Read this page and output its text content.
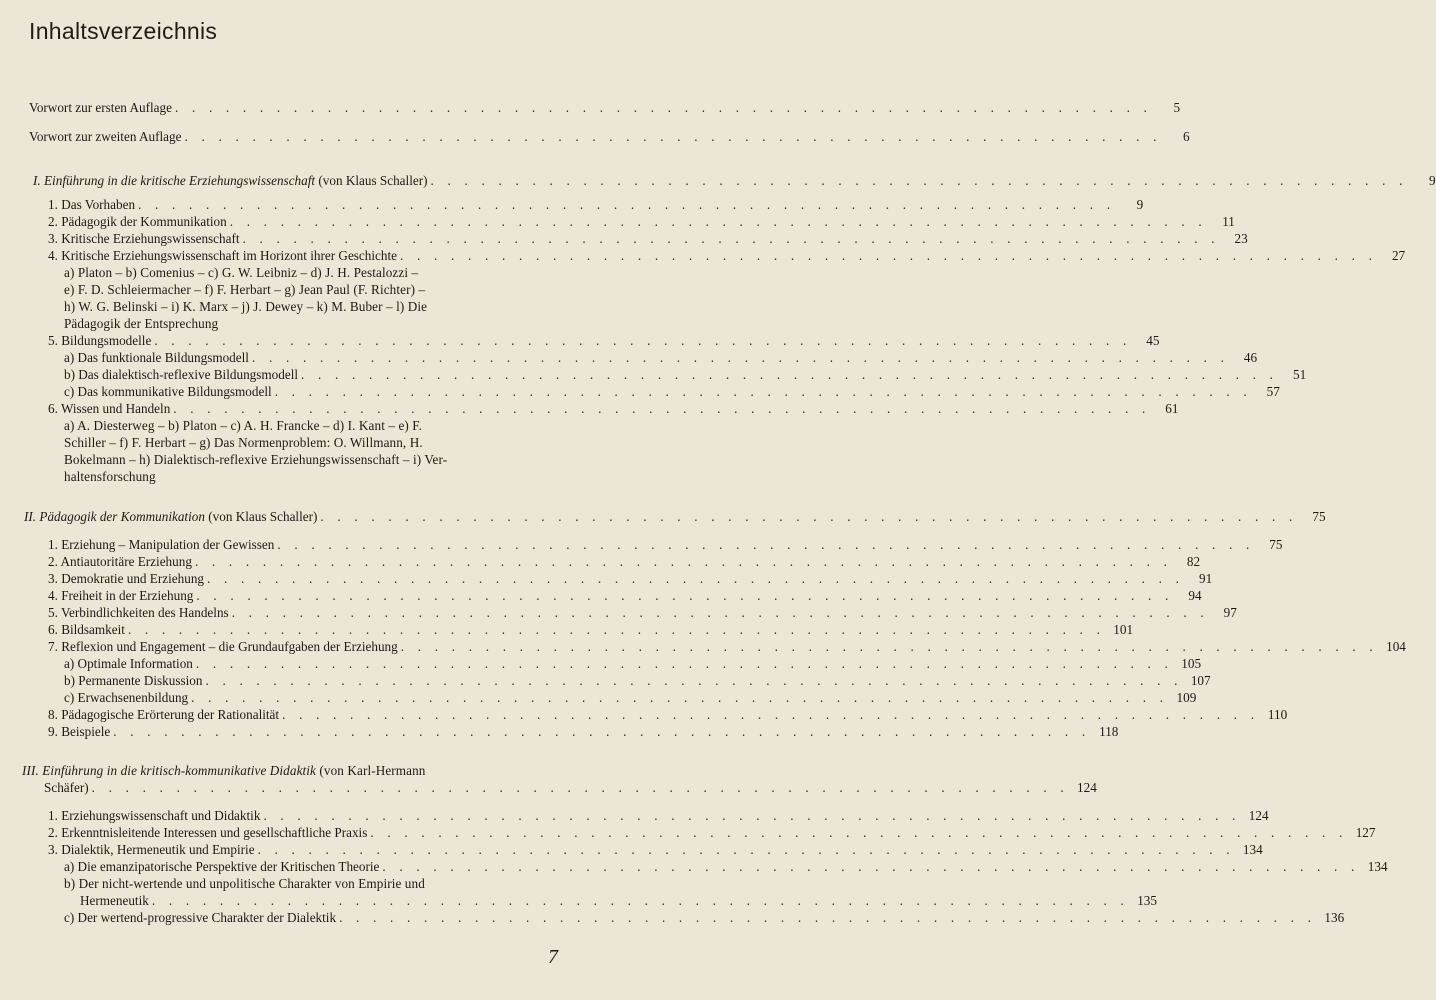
Inhaltsverzeichnis
Vorwort zur ersten Auflage . . . . . . . . . . . . . . . . . . . . . . . . . . . . . . . . . . . . . . . . . . . . . . . . . . . . . . . . . .	5
Vorwort zur zweiten Auflage . . . . . . . . . . . . . . . . . . . . . . . . . . . . . . . . . . . . . . . . . . . . . . . . . . . . . . . . . .	6
I. Einführung in die kritische Erziehungswissenschaft (von Klaus Schaller) . . . . . . . . . . . . . . . . . . . . . . . . . . . . . . . . . . . . . . . . . . . . . . . . . . . . . . . . . .	9
1. Das Vorhaben . . . . . . . . . . . . . . . . . . . . . . . . . . . . . . . . . . . . . . . . . . . . . . . . . . . . . . . . . .	9
2. Pädagogik der Kommunikation . . . . . . . . . . . . . . . . . . . . . . . . . . . . . . . . . . . . . . . . . . . . . . . . . . . . . . . . . .	11
3. Kritische Erziehungswissenschaft . . . . . . . . . . . . . . . . . . . . . . . . . . . . . . . . . . . . . . . . . . . . . . . . . . . . . . . . . .	23
4. Kritische Erziehungswissenschaft im Horizont ihrer Geschichte . . . . . . . . . . . . . . . . . . . . . . . . . . . . . . . . . . . . . . . . . . . . . . . . . . . . . . . . . .	27
a) Platon – b) Comenius – c) G. W. Leibniz – d) J. H. Pestalozzi –
e) F. D. Schleiermacher – f) F. Herbart – g) Jean Paul (F. Richter) –
h) W. G. Belinski – i) K. Marx – j) J. Dewey – k) M. Buber – l) Die
Pädagogik der Entsprechung
5. Bildungsmodelle . . . . . . . . . . . . . . . . . . . . . . . . . . . . . . . . . . . . . . . . . . . . . . . . . . . . . . . . . .	45
a) Das funktionale Bildungsmodell . . . . . . . . . . . . . . . . . . . . . . . . . . . . . . . . . . . . . . . . . . . . . . . . . . . . . . . . . .	46
b) Das dialektisch-reflexive Bildungsmodell . . . . . . . . . . . . . . . . . . . . . . . . . . . . . . . . . . . . . . . . . . . . . . . . . . . . . . . . . .	51
c) Das kommunikative Bildungsmodell . . . . . . . . . . . . . . . . . . . . . . . . . . . . . . . . . . . . . . . . . . . . . . . . . . . . . . . . . .	57
6. Wissen und Handeln . . . . . . . . . . . . . . . . . . . . . . . . . . . . . . . . . . . . . . . . . . . . . . . . . . . . . . . . . .	61
a) A. Diesterweg – b) Platon – c) A. H. Francke – d) I. Kant – e) F.
Schiller – f) F. Herbart – g) Das Normenproblem: O. Willmann, H.
Bokelmann – h) Dialektisch-reflexive Erziehungswissenschaft – i) Ver-
haltensforschung
II. Pädagogik der Kommunikation (von Klaus Schaller) . . . . . . . . . . . . . . . . . . . . . . . . . . . . . . . . . . . . . . . . . . . . . . . . . . . . . . . . . .	75
1. Erziehung – Manipulation der Gewissen . . . . . . . . . . . . . . . . . . . . . . . . . . . . . . . . . . . . . . . . . . . . . . . . . . . . . . . . . .	75
2. Antiautoritäre Erziehung . . . . . . . . . . . . . . . . . . . . . . . . . . . . . . . . . . . . . . . . . . . . . . . . . . . . . . . . . .	82
3. Demokratie und Erziehung . . . . . . . . . . . . . . . . . . . . . . . . . . . . . . . . . . . . . . . . . . . . . . . . . . . . . . . . . .	91
4. Freiheit in der Erziehung . . . . . . . . . . . . . . . . . . . . . . . . . . . . . . . . . . . . . . . . . . . . . . . . . . . . . . . . . .	94
5. Verbindlichkeiten des Handelns . . . . . . . . . . . . . . . . . . . . . . . . . . . . . . . . . . . . . . . . . . . . . . . . . . . . . . . . . .	97
6. Bildsamkeit . . . . . . . . . . . . . . . . . . . . . . . . . . . . . . . . . . . . . . . . . . . . . . . . . . . . . . . . . . 101
7. Reflexion und Engagement – die Grundaufgaben der Erziehung . . . . . . . . . . . . . . . . . . . . . . . . . . . . . . . . . . . . . . . . . . . . . . . . . . . . . . . . . . 104
a) Optimale Information . . . . . . . . . . . . . . . . . . . . . . . . . . . . . . . . . . . . . . . . . . . . . . . . . . . . . . . . . . 105
b) Permanente Diskussion . . . . . . . . . . . . . . . . . . . . . . . . . . . . . . . . . . . . . . . . . . . . . . . . . . . . . . . . . . 107
c) Erwachsenenbildung . . . . . . . . . . . . . . . . . . . . . . . . . . . . . . . . . . . . . . . . . . . . . . . . . . . . . . . . . . 109
8. Pädagogische Erörterung der Rationalität . . . . . . . . . . . . . . . . . . . . . . . . . . . . . . . . . . . . . . . . . . . . . . . . . . . . . . . . . . 110
9. Beispiele . . . . . . . . . . . . . . . . . . . . . . . . . . . . . . . . . . . . . . . . . . . . . . . . . . . . . . . . . . 118
III. Einführung in die kritisch-kommunikative Didaktik (von Karl-Hermann
Schäfer) . . . . . . . . . . . . . . . . . . . . . . . . . . . . . . . . . . . . . . . . . . . . . . . . . . . . . . . . . . 124
1. Erziehungswissenschaft und Didaktik . . . . . . . . . . . . . . . . . . . . . . . . . . . . . . . . . . . . . . . . . . . . . . . . . . . . . . . . . . 124
2. Erkenntnisleitende Interessen und gesellschaftliche Praxis . . . . . . . . . . . . . . . . . . . . . . . . . . . . . . . . . . . . . . . . . . . . . . . . . . . . . . . . . . 127
3. Dialektik, Hermeneutik und Empirie . . . . . . . . . . . . . . . . . . . . . . . . . . . . . . . . . . . . . . . . . . . . . . . . . . . . . . . . . . 134
a) Die emanzipatorische Perspektive der Kritischen Theorie . . . . . . . . . . . . . . . . . . . . . . . . . . . . . . . . . . . . . . . . . . . . . . . . . . . . . . . . . . 134
b) Der nicht-wertende und unpolitische Charakter von Empirie und
Hermeneutik . . . . . . . . . . . . . . . . . . . . . . . . . . . . . . . . . . . . . . . . . . . . . . . . . . . . . . . . . . 135
c) Der wertend-progressive Charakter der Dialektik . . . . . . . . . . . . . . . . . . . . . . . . . . . . . . . . . . . . . . . . . . . . . . . . . . . . . . . . . . 136
7
